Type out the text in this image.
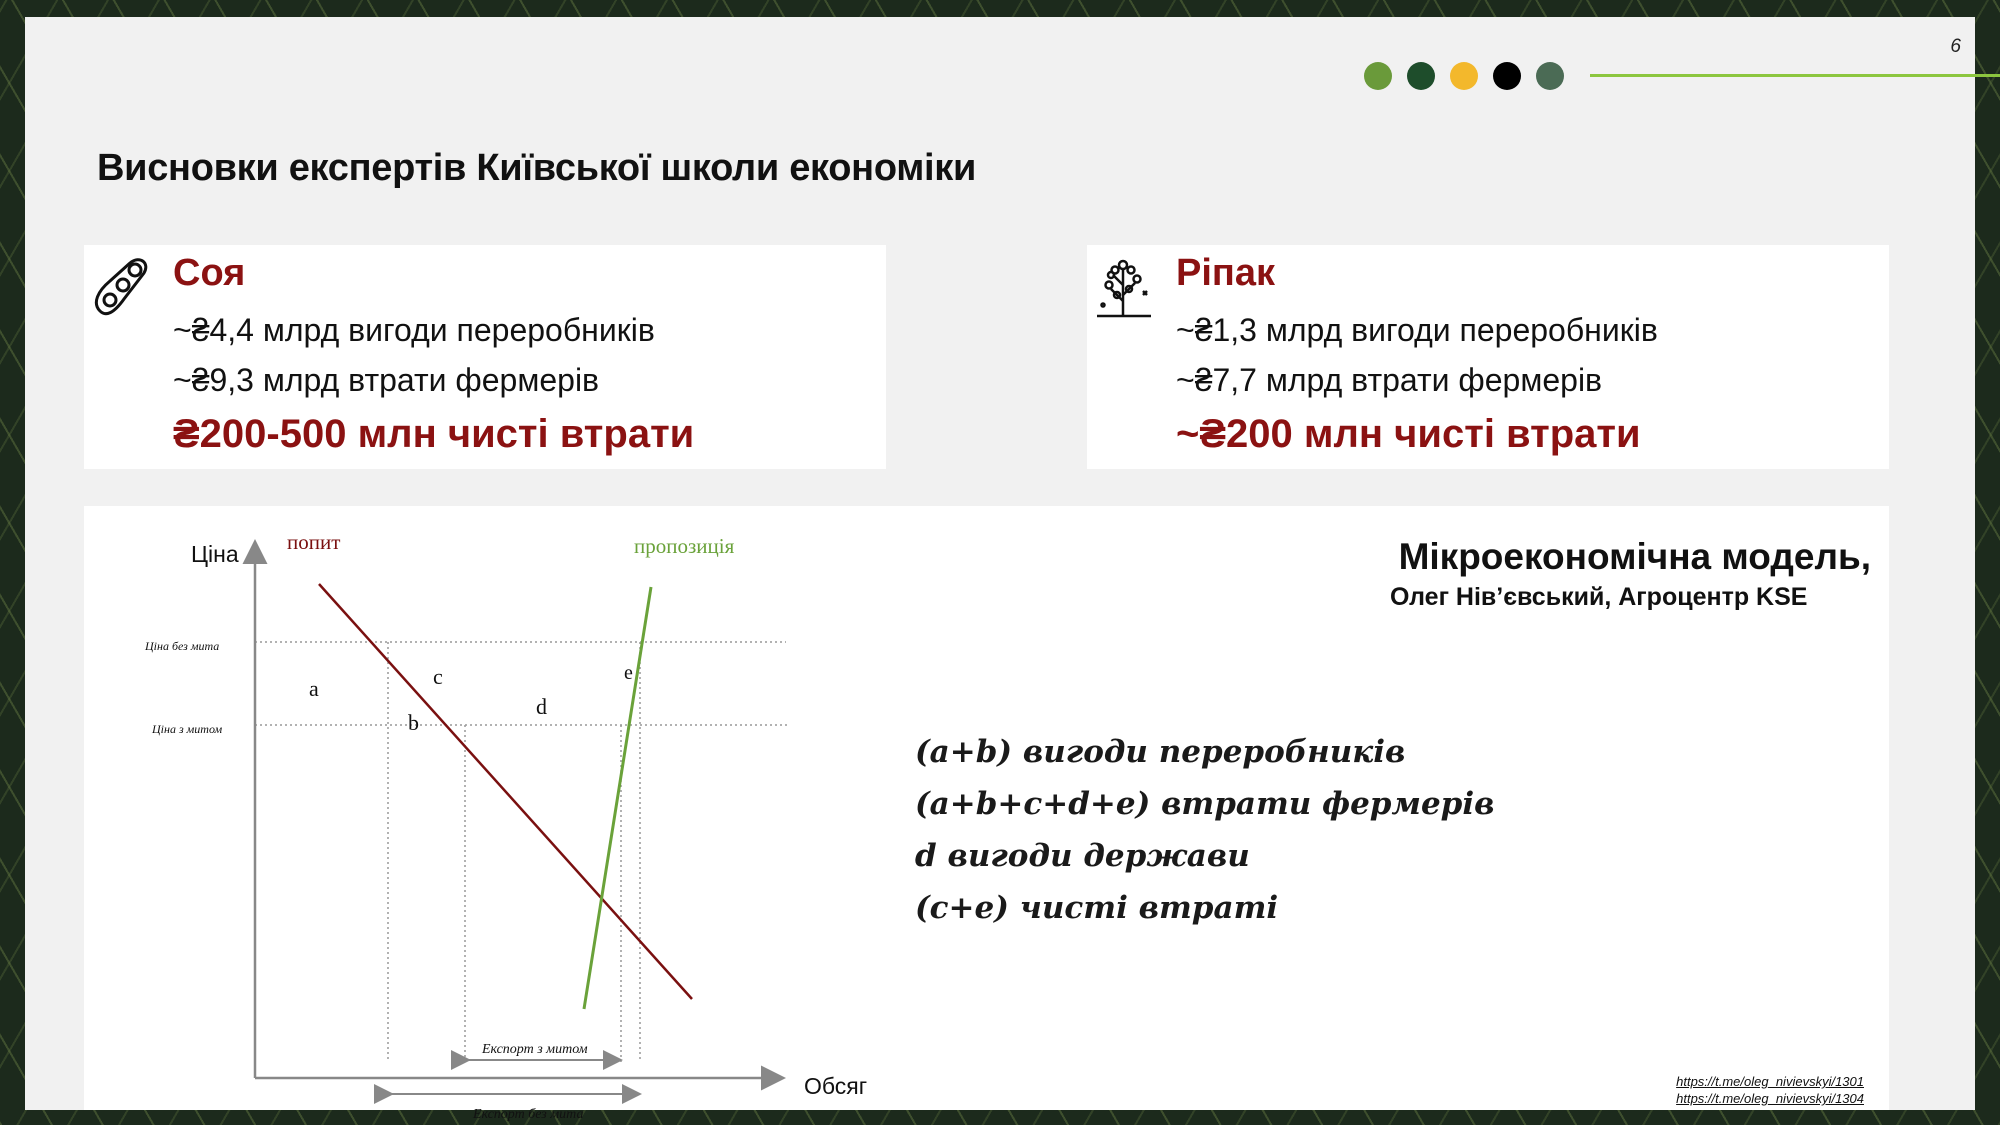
6
Висновки експертів Київської школи економіки
Соя
~₴4,4 млрд вигоди переробників
~₴9,3 млрд втрати фермерів
₴200-500 млн чисті втрати
Ріпак
~₴1,3 млрд вигоди переробників
~₴7,7 млрд втрати фермерів
~₴200 млн чисті втрати
Ціна
Обсяг
попит	пропозиція
Ціна без мита
Ціна з митом
a
b
c
d
e
Експорт з митом
Експорт без мита
Мікроекономічна модель,
Олег Нів’євський, Агроцентр KSE
(a+b) вигоди переробників
(a+b+c+d+e) втрати фермерів
d вигоди держави
(c+e) чисті втраті
https://t.me/oleg_nivievskyi/1301
https://t.me/oleg_nivievskyi/1304
